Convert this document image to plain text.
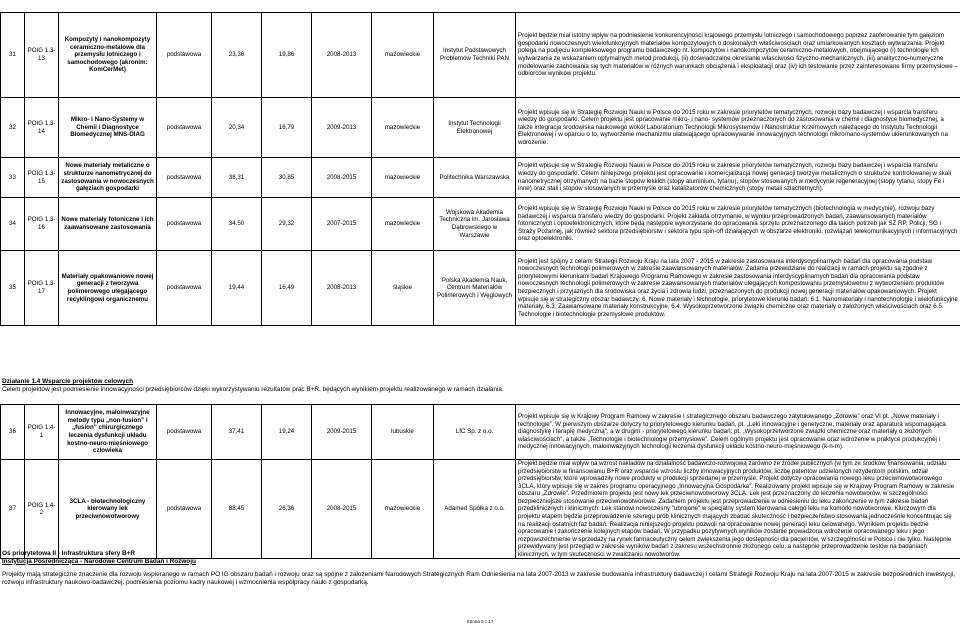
31	POIG 1.3-13	Kompozyty i nanokompozyty ceramiczno-metalowe dla przemysłu lotniczego i samochodowego (akronim: KomCerMet)	podstawowa	23,36	19,86	2008-2013	mazowieckie	Instytut Podstawowych Problemów Techniki PAN	Projekt będzie miał istotny wpływ na podniesienie konkurencyjności krajowego przemysłu lotniczego i samochodowego poprzez zaoferowanie tym gałęziom gospodarki nowoczesnych wielofunkcyjnych materiałów kompozytowych o doskonałych właściwościach oraz umiarkowanych kosztach wytwarzania. Projekt polega na podjęciu kompleksowego programu badawczego nt. kompozytów i nanokompozytów ceramiczno-metalowych, obejmującego (i) technologie ich wytwarzania ze wskazaniem optymalnych metod produkcji, (ii) doświadczalne określanie właściwości fizyczno-mechanicznych, (iii) analityczno-numeryczne modelowanie zachowania się tych materiałów w różnych warunkach obciążenia i eksploatacji oraz (iv) ich testowanie przez zainteresowane firmy przemysłowe – odbiorców wyników projektu.
32	POIG 1.3-14	Mikro- i Nano-Systemy w Chemii i Diagnostyce Biomedycznej MNS-DIAG	podstawowa	20,34	16,79	2009-2013	mazowieckie	Instytut Technologii Elektronowej	Projekt wpisuje się w Strategię Rozwoju Nauki w Polsce do 2015 roku w zakresie priorytetów tematycznych, rozwoju bazy badawczej i wsparcia transferu wiedzy do gospodarki. Celem projektu jest opracowanie mikro- i nano- systemów przeznaczonych do zastosowania w chemii i diagnostyce biomedycznej, a także integracja środowiska naukowego wokół Laboratorium Technologii Mikrosystemów i Nanostruktur Krzemowych należącego do Instytutu Technologii Elektronowej i w oparciu o to, wytworzenie mechanizmu ułatwiającego opracowywanie innowacyjnych technologii mikro/nano-systemów ukierunkowanych na wdrożenie.
33	POIG 1.3-15	Nowe materiały metaliczne o strukturze nanometrycznej do zastosowania w nowoczesnych gałęziach gospodarki	podstawowa	38,31	30,85	2008-2015	mazowieckie	Politechnika Warszawska	Projekt wpisuje się w Strategię Rozwoju Nauki w Polsce do 2015 roku w zakresie priorytetów tematycznych, rozwoju bazy badawczej i wsparcia transferu wiedzy do gospodarki. Celem niniejszego projektu jest opracowanie i komercjalizacja nowej generacji tworzyw metalicznych o strukturze kontrolowanej w skali nanometrycznej otrzymanych na bazie stopów lekkich (stopy aluminium, tytanu), stopów stosowanych w medycynie regeneracyjnej (stopy tytanu, stopy Fe i inne) oraz stali i stopów stosowanych w przemyśle oraz katalizatorów chemicznych (stopy metali szlachetnych).
34	POIG 1.3-16	Nowe materiały fotoniczne i ich zaawansowane zastosowania	podstawowa	34,50	29,32	2007-2015	mazowieckie	Wojskowa Akademia Techniczna im. Jarosława Dąbrowskiego w Warszawie	Projekt wpisuje się w Strategię Rozwoju Nauki w Polsce do 2015 roku w zakresie priorytetów tematycznych (biotechnologia w medycynie), rozwoju bazy badawczej i wsparcia transferu wiedzy do gospodarki. Projekt zakłada otrzymanie, w wyniku przeprowadzonych badań, zaawansowanych materiałów fotonicznych i optoelektronicznych, które będą następnie wykorzystane do opracowania sprzętu przeznaczonego dla takich potrzeb jak SZ RP, Policji, SG i Straży Pożarnej, jak również sektora przedsiębiorstw i sektora typu spin-off działających w obszarze elektroniki, rozwiązań telekomunikacyjnych i informacyjnych oraz optoelektroniki.
35	POIG 1.3-17	Materiały opakowaniowe nowej generacji z tworzywa polimerowego ulegającego recyklingowi organicznemu	podstawowa	19,44	16,49	2008-2013	śląskie	Polska Akademia Nauk, Centrum Materiałów Polimerowych i Węglowych	Projekt jest spójny z celami Strategii Rozwoju Kraju na lata 2007 - 2015 w zakresie zastosowania interdyscyplinarnych badań dla opracowania podstaw nowoczesnych technologii polimerowych w zakresie zaawansowanych materiałów. Zadania przewidziane do realizacji w ramach projektu są zgodne z priorytetowymi kierunkami badań Krajowego Programu Ramowego w zakresie zastosowania interdyscyplinarnych badań dla opracowania podstaw nowoczesnych technologii polimerowych w zakresie zaawansowanych materiałów ulegających kompostowaniu przemysłowemu z wytworzeniem produktów bezpiecznych i przyjaznych dla środowiska oraz życia i zdrowia ludzi, przeznaczonych do produkcji nowej generacji materiałów opakowaniowych. Projekt wpisuje się w strategiczny obszar badawczy: 6. Nowe materiały i technologie, priorytetowe kierunki badań: 6.1. Nanomateriały i nanotechnologie i wielofunkcyjne materiały, 6.3. Zaawansowane materiały konstrukcyjne, 6.4. Wysokoprzetworzone związki chemiczne oraz materiały o założonych właściwościach oraz 6.5. Technologie i biotechnologie przemysłowe produktów.
Działanie 1.4 Wsparcie projektów celowych
Celem projektów jest podniesienie innowacyjności przedsiębiorców dzięki wykorzystywaniu rezultatów prac B+R, będących wynikiem projektu realizowanego w ramach działania.
36	POIG 1.4-1	Innowacyjne, małoinwazyjne metody typu „non-fusion” i „fusion” chirurgicznego leczenia dysfunkcji układu kostno-neuro-mięśniowego człowieka	podstawowa	37,41	19,24	2009-2015	lubuskie	LfC Sp. z o.o.	Projekt wpisuje się w Krajowy Program Ramowy w zakresie I strategicznego obszaru badawczego zatytułowanego „Zdrowie” oraz VI pt. „Nowe materiały i technologie”. W pierwszym obszarze dotyczy to priorytetowego kierunku badań, pt. „Leki innowacyjne i genetyczne, materiały oraz aparatura wspomagająca diagnostykę i terapię medyczną”, a w drugim - priorytetowego kierunku badań: pt. „Wysokoprzetworzone związki chemiczne oraz materiały o złożonych właściwościach”, a także „Technologie i biotechnologie przemysłowe”. Celem ogólnym projektu jest opracowanie oraz wdrożenie w praktyce produkcyjnej i medycznej innowacyjnych, małoinwazyjnych technologii leczenia dysfunkcji układu kostno-neuro-mięśniowego (k-n-m).
37	POIG 1.4-2	3CLA - biotechnologiczny kierowany lek przeciwnowotworowy	podstawowa	88,45	26,36	2008-2015	mazowieckie	Adamed Spółka z o.o.	Projekt będzie miał wpływ na wzrost nakładów na działalność badawczo-rozwojową zarówno ze źródeł publicznych (w tym ze środków finansowania, udziału przedsiębiorstw w finansowaniu B+R oraz wsparcie wzrostu liczby innowacyjnych produktów, liczbę patentów udzielonych rezydentom polskim, udział przedsiębiorstw, które wprowadziły nowe produkty w produkcji sprzedanej w przemyśle. Projekt dotyczy opracowania nowego leku przeciwnowotworowego 3CLA, który wpisuje się w zakres programu operacyjnego „Innowacyjna Gospodarka”. Realizowany projekt wpisuje się w Krajowy Program Ramowy w zakresie obszaru „Zdrowie”. Przedmiotem projektu jest nowy lek przeciwnowotworowy 3CLA. Lek jest przeznaczony do leczenia nowotworów, w szczególności bezpieczniejsze stosowanie przeciwnowotworowe. Zadaniem projektu jest przeprowadzenie w odniesieniu do leku zakończenie w tym zakresie badań przedklinicznych i klinicznych. Lek stanowi nowoczesny "ubrojone" w specjalny system kierowania całego leku na komórki nowotworowe. Kluczowym dla projektu etapem będzie przeprowadzenie szeregu prób klinicznych mających zbadać skuteczność i bezpieczeństwo stosowania jednocześnie koncentrując się na realizacji ostatnich faz badań. Realizacja niniejszego projektu pozwoli na opracowanie nowej generacji leku celowanego. Wynikiem projektu będzie opracowanie i zakończenie kolejnych etapów badań. W przypadku pozytywnych wyników zostanie prowadzona wdrożenie opracowanego leku i jego rozpowszechnienie w sprzedaży na rynek farmaceutyczny celem zwiększenia jego dostępności dla pacjentów, w szczególności w Polsce i nie tylko. Następnie przewidywany jest przegląd w zakresie wyników badań z zakresu wszechstronnie złożonego celu, a następnie przeprowadzenie testów na badaniach klinicznych, w tym skuteczności w zwalczaniu nowotworów.
Oś priorytetowa II - Infrastruktura sfery B+R
Instytucja Pośrednicząca - Narodowe Centrum Badań i Rozwoju
Projekty mają strategiczne znaczenie dla rozwoju wspieranego w ramach PO IG obszaru badań i rozwoju oraz są spójne z założeniami Narodowych Strategicznych Ram Odniesienia na lata 2007-2013 w zakresie budowania infrastruktury badawczej i celami Strategii Rozwoju Kraju na lata 2007-2015 w zakresie bezpośrednich inwestycji, rozwoju infrastruktury naukowo-badawczej, podniesienia poziomu kadry naukowej i wzmocnienia współpracy nauki z gospodarką.
Strona 5 z 17
